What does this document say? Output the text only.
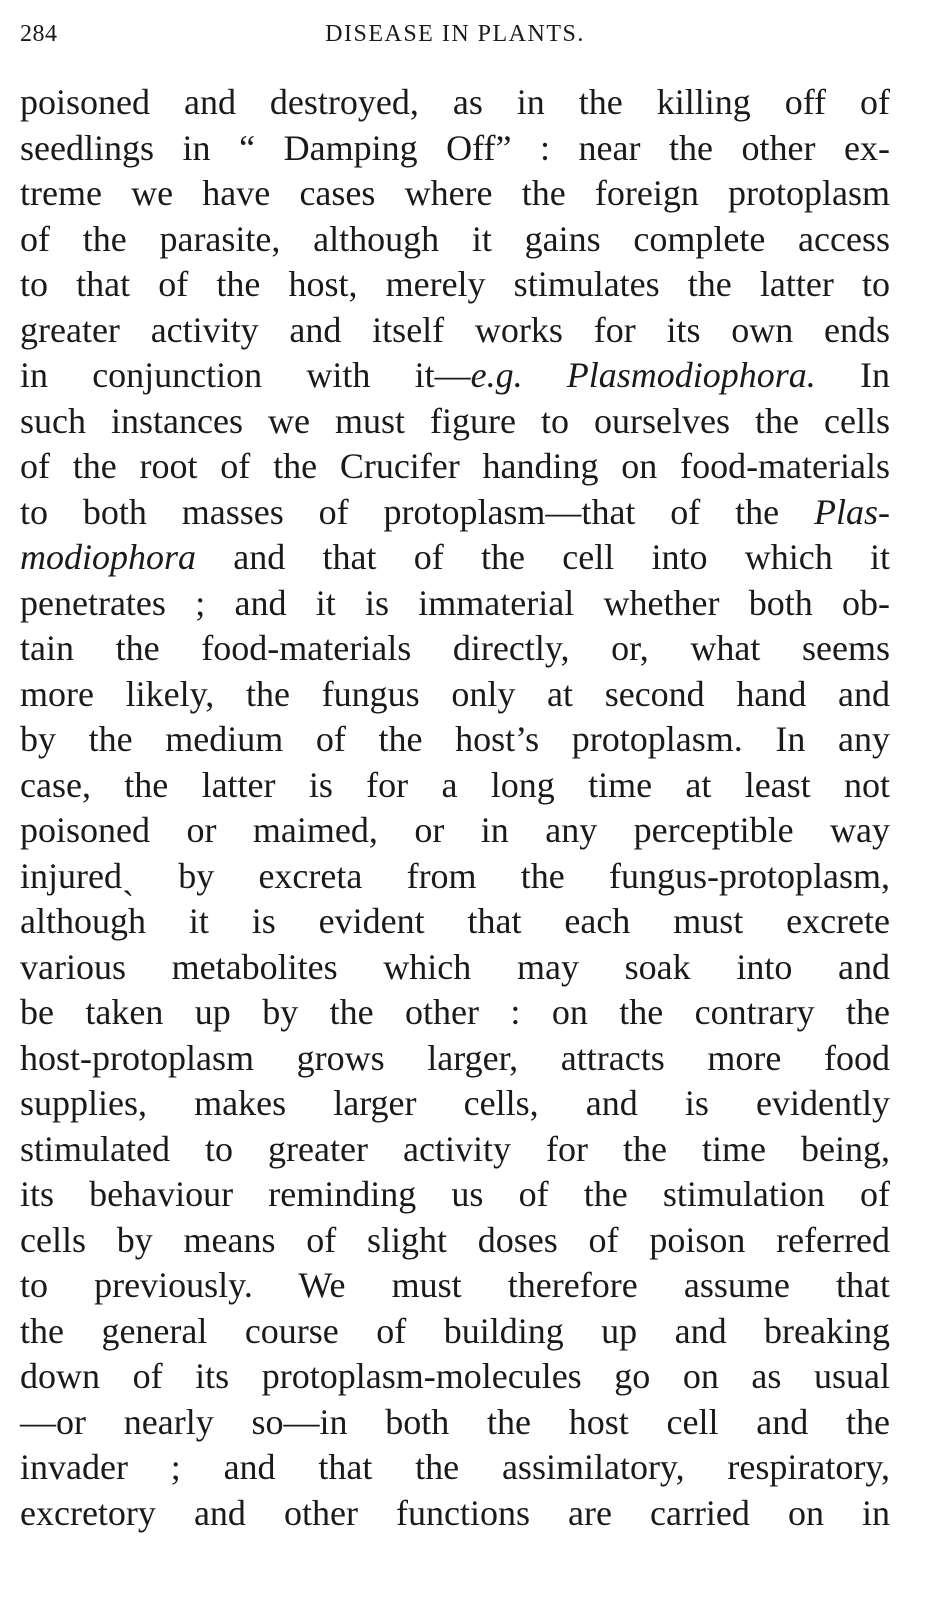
284	DISEASE IN PLANTS.
poisoned and destroyed, as in the killing off of
seedlings in “ Damping Off” : near the other ex-
treme we have cases where the foreign protoplasm
of the parasite, although it gains complete access
to that of the host, merely stimulates the latter to
greater activity and itself works for its own ends
in conjunction with it—e.g. Plasmodiophora. In
such instances we must figure to ourselves the cells
of the root of the Crucifer handing on food-materials
to both masses of protoplasm—that of the Plas-
modiophora and that of the cell into which it
penetrates ; and it is immaterial whether both ob-
tain the food-materials directly, or, what seems
more likely, the fungus only at second hand and
by the medium of the host’s protoplasm. In any
case, the latter is for a long time at least not
poisoned or maimed, or in any perceptible way
injuredˎ by excreta from the fungus-protoplasm,
although it is evident that each must excrete
various metabolites which may soak into and
be taken up by the other : on the contrary the
host-protoplasm grows larger, attracts more food
supplies, makes larger cells, and is evidently
stimulated to greater activity for the time being,
its behaviour reminding us of the stimulation of
cells by means of slight doses of poison referred
to previously. We must therefore assume that
the general course of building up and breaking
down of its protoplasm-molecules go on as usual
—or nearly so—in both the host cell and the
invader ; and that the assimilatory, respiratory,
excretory and other functions are carried on in
